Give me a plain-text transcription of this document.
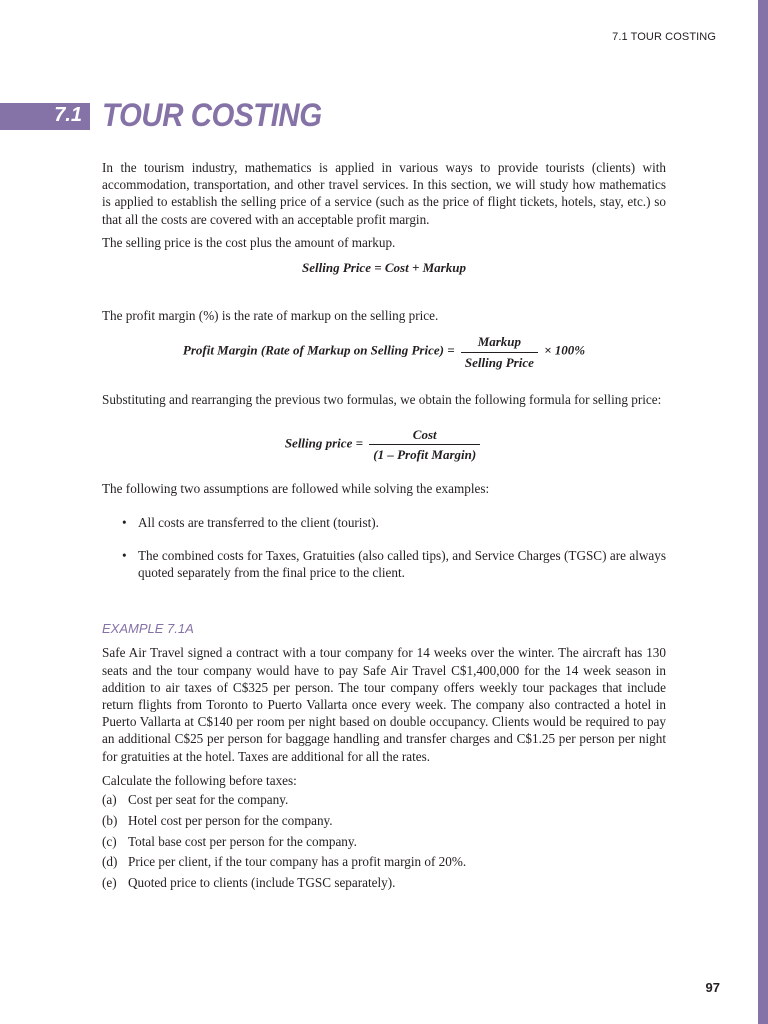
7.1 TOUR COSTING
7.1 TOUR COSTING

In the tourism industry, mathematics is applied in various ways to provide tourists (clients) with accommodation, transportation, and other travel services. In this section, we will study how mathematics is applied to establish the selling price of a service (such as the price of flight tickets, hotels, stay, etc.) so that all the costs are covered with an acceptable profit margin.

The selling price is the cost plus the amount of markup.

Selling Price = Cost + Markup

The profit margin (%) is the rate of markup on the selling price.

Profit Margin (Rate of Markup on Selling Price) = $\frac{\text{Markup}}{\text{Selling Price}} \times 100\%$

Substituting and rearranging the previous two formulas, we obtain the following formula for selling price:

Selling price = $\frac{\text{Cost}}{\text{(1 – Profit Margin)}}$

The following two assumptions are followed while solving the examples:

• All costs are transferred to the client (tourist).
• The combined costs for Taxes, Gratuities (also called tips), and Service Charges (TGSC) are always quoted separately from the final price to the client.
EXAMPLE 7.1A

Safe Air Travel signed a contract with a tour company for 14 weeks over the winter. The aircraft has 130 seats and the tour company would have to pay Safe Air Travel C$1,400,000 for the 14 week season in addition to air taxes of C$325 per person. The tour company offers weekly tour packages that include return flights from Toronto to Puerto Vallarta once every week. The company also contracted a hotel in Puerto Vallarta at C$140 per room per night based on double occupancy. Clients would be required to pay an additional C$25 per person for baggage handling and transfer charges and C$1.25 per person per night for gratuities at the hotel. Taxes are additional for all the rates.

Calculate the following before taxes:

(a) Cost per seat for the company.
(b) Hotel cost per person for the company.
(c) Total base cost per person for the company.
(d) Price per client, if the tour company has a profit margin of 20%.
(e) Quoted price to clients (include TGSC separately).
97
